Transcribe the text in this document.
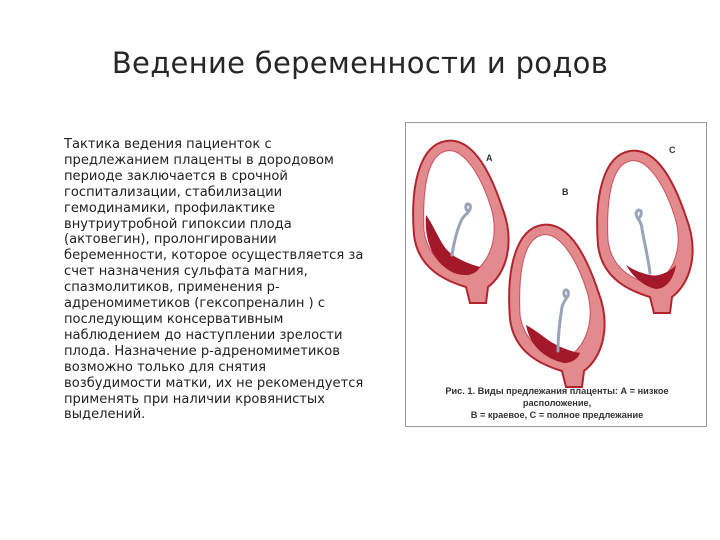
Ведение беременности и родов

Тактика ведения пациенток с предлежанием плаценты в дородовом периоде заключается в срочной госпитализации, стабилизации гемодинамики, профилактике внутриутробной гипоксии плода (актовегин), пролонгировании беременности, которое осуществляется за счет назначения сульфата магния, спазмолитиков, применения р-адреномиметиков (гексопреналин ) с последующим консервативным наблюдением до наступлении зрелости плода. Назначение р-адреномиметиков возможно только для снятия возбудимости матки, их не рекомендуется применять при наличии кровянистых выделений.

А
В
С
Рис. 1. Виды предлежания плаценты: А = низкое расположение,
В = краевое, С = полное предлежание
